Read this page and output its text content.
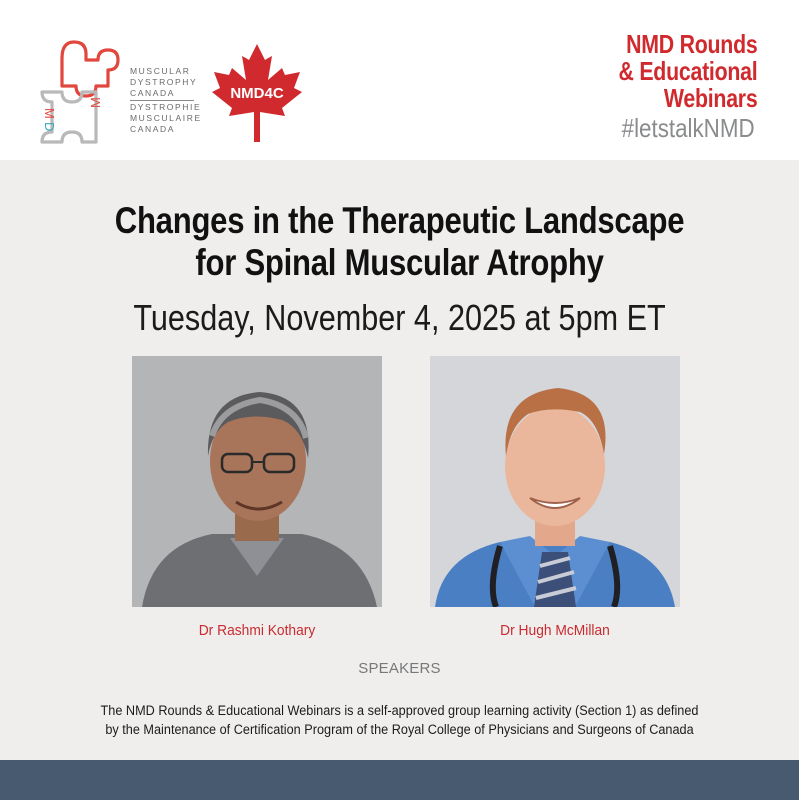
M
D
M
MUSCULAR
DYSTROPHY
CANADA
DYSTROPHIE
MUSCULAIRE
CANADA
NMD4C
NMD Rounds
& Educational
Webinars
#letstalkNMD
Changes in the Therapeutic Landscape
for Spinal Muscular Atrophy
Tuesday, November 4, 2025 at 5pm ET
Dr Rashmi Kothary	Dr Hugh McMillan
SPEAKERS
The NMD Rounds & Educational Webinars is a self-approved group learning activity (Section 1) as defined
by the Maintenance of Certification Program of the Royal College of Physicians and Surgeons of Canada
